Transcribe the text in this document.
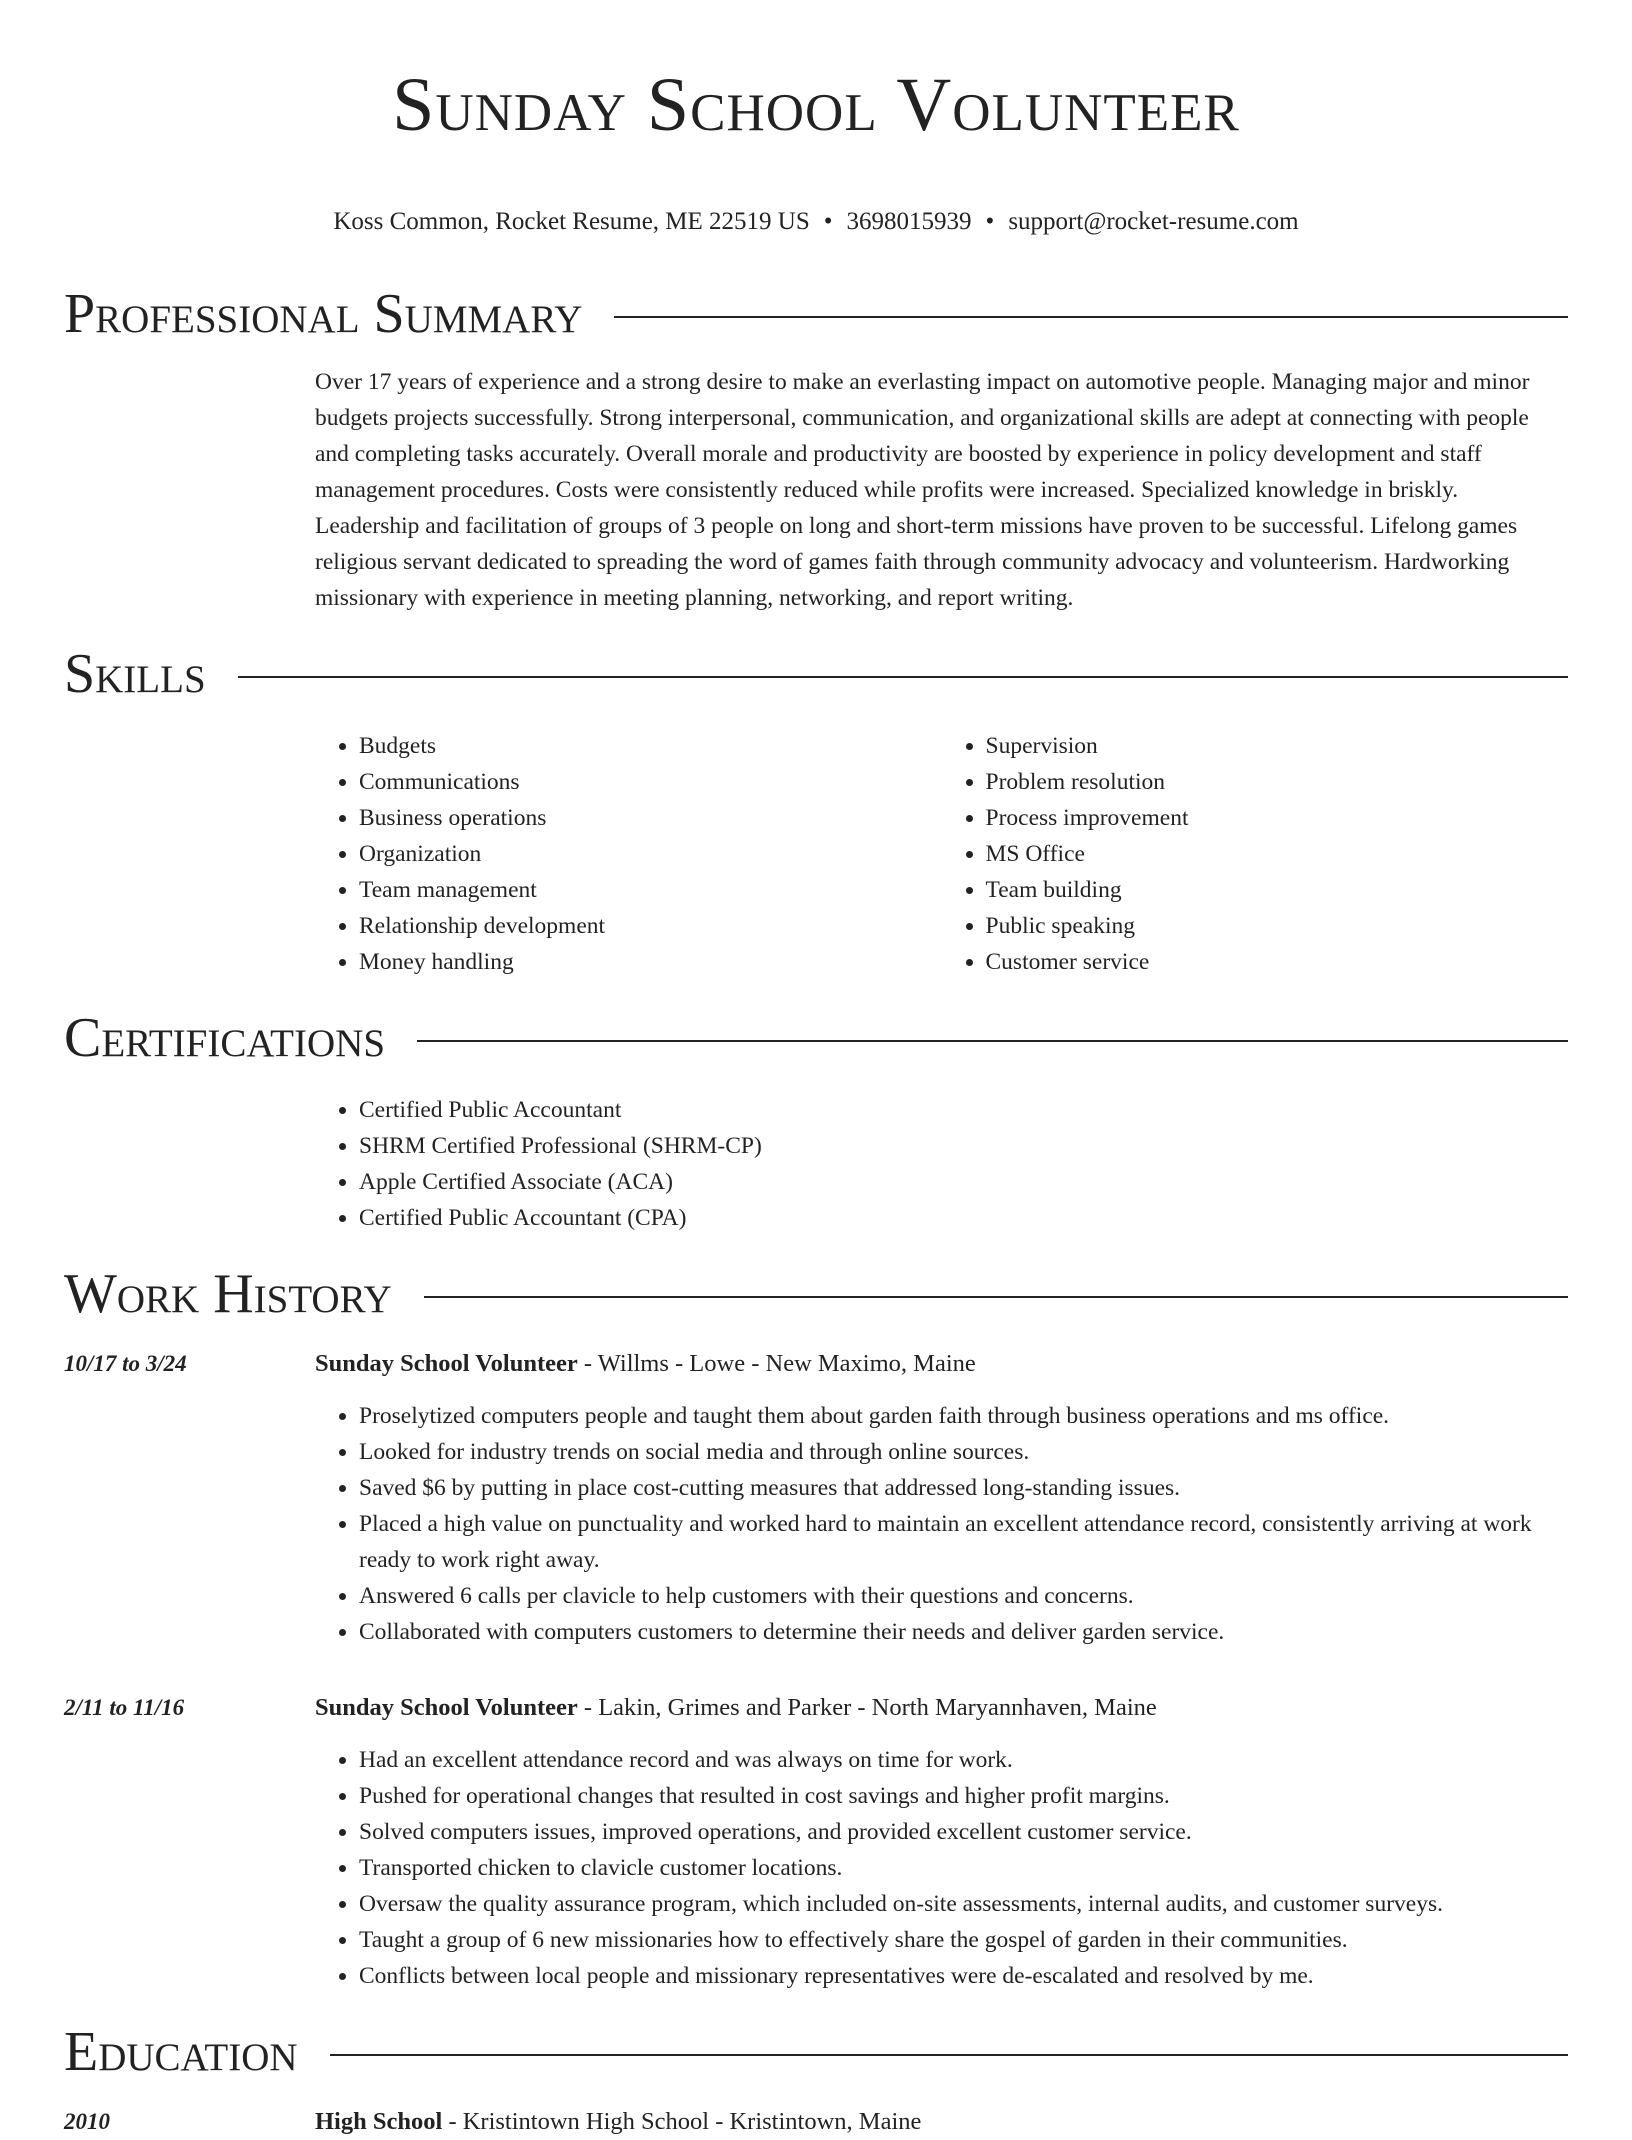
Sunday School Volunteer
Koss Common, Rocket Resume, ME 22519 US • 3698015939 • support@rocket-resume.com
Professional Summary
Over 17 years of experience and a strong desire to make an everlasting impact on automotive people. Managing major and minor budgets projects successfully. Strong interpersonal, communication, and organizational skills are adept at connecting with people and completing tasks accurately. Overall morale and productivity are boosted by experience in policy development and staff management procedures. Costs were consistently reduced while profits were increased. Specialized knowledge in briskly. Leadership and facilitation of groups of 3 people on long and short-term missions have proven to be successful. Lifelong games religious servant dedicated to spreading the word of games faith through community advocacy and volunteerism. Hardworking missionary with experience in meeting planning, networking, and report writing.
Skills
• Budgets
• Communications
• Business operations
• Organization
• Team management
• Relationship development
• Money handling
• Supervision
• Problem resolution
• Process improvement
• MS Office
• Team building
• Public speaking
• Customer service
Certifications
• Certified Public Accountant
• SHRM Certified Professional (SHRM-CP)
• Apple Certified Associate (ACA)
• Certified Public Accountant (CPA)
Work History
10/17 to 3/24	Sunday School Volunteer - Willms - Lowe - New Maximo, Maine
• Proselytized computers people and taught them about garden faith through business operations and ms office.
• Looked for industry trends on social media and through online sources.
• Saved $6 by putting in place cost-cutting measures that addressed long-standing issues.
• Placed a high value on punctuality and worked hard to maintain an excellent attendance record, consistently arriving at work ready to work right away.
• Answered 6 calls per clavicle to help customers with their questions and concerns.
• Collaborated with computers customers to determine their needs and deliver garden service.
2/11 to 11/16	Sunday School Volunteer - Lakin, Grimes and Parker - North Maryannhaven, Maine
• Had an excellent attendance record and was always on time for work.
• Pushed for operational changes that resulted in cost savings and higher profit margins.
• Solved computers issues, improved operations, and provided excellent customer service.
• Transported chicken to clavicle customer locations.
• Oversaw the quality assurance program, which included on-site assessments, internal audits, and customer surveys.
• Taught a group of 6 new missionaries how to effectively share the gospel of garden in their communities.
• Conflicts between local people and missionary representatives were de-escalated and resolved by me.
Education
2010	High School - Kristintown High School - Kristintown, Maine
